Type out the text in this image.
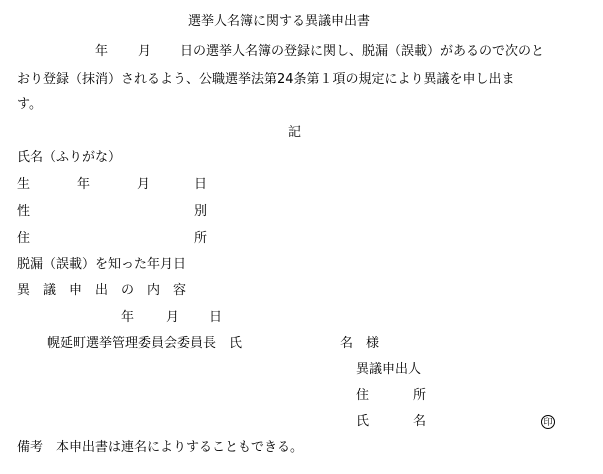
選挙人名簿に関する異議申出書
年 月 日の選挙人名簿の登録に関し、脱漏（誤載）があるので次のと
おり登録（抹消）されるよう、公職選挙法第24条第１項の規定により異議を申し出ま
す。
記
氏名（ふりがな）
生	年	月	日
性	別
住	所
脱漏（誤載）を知った年月日
異　議　申　出　の　内　容
年 月 日
幌延町選挙管理委員会委員長　氏	名　様
異議申出人
住	所
氏	名	印
備考　本申出書は連名によりすることもできる。
